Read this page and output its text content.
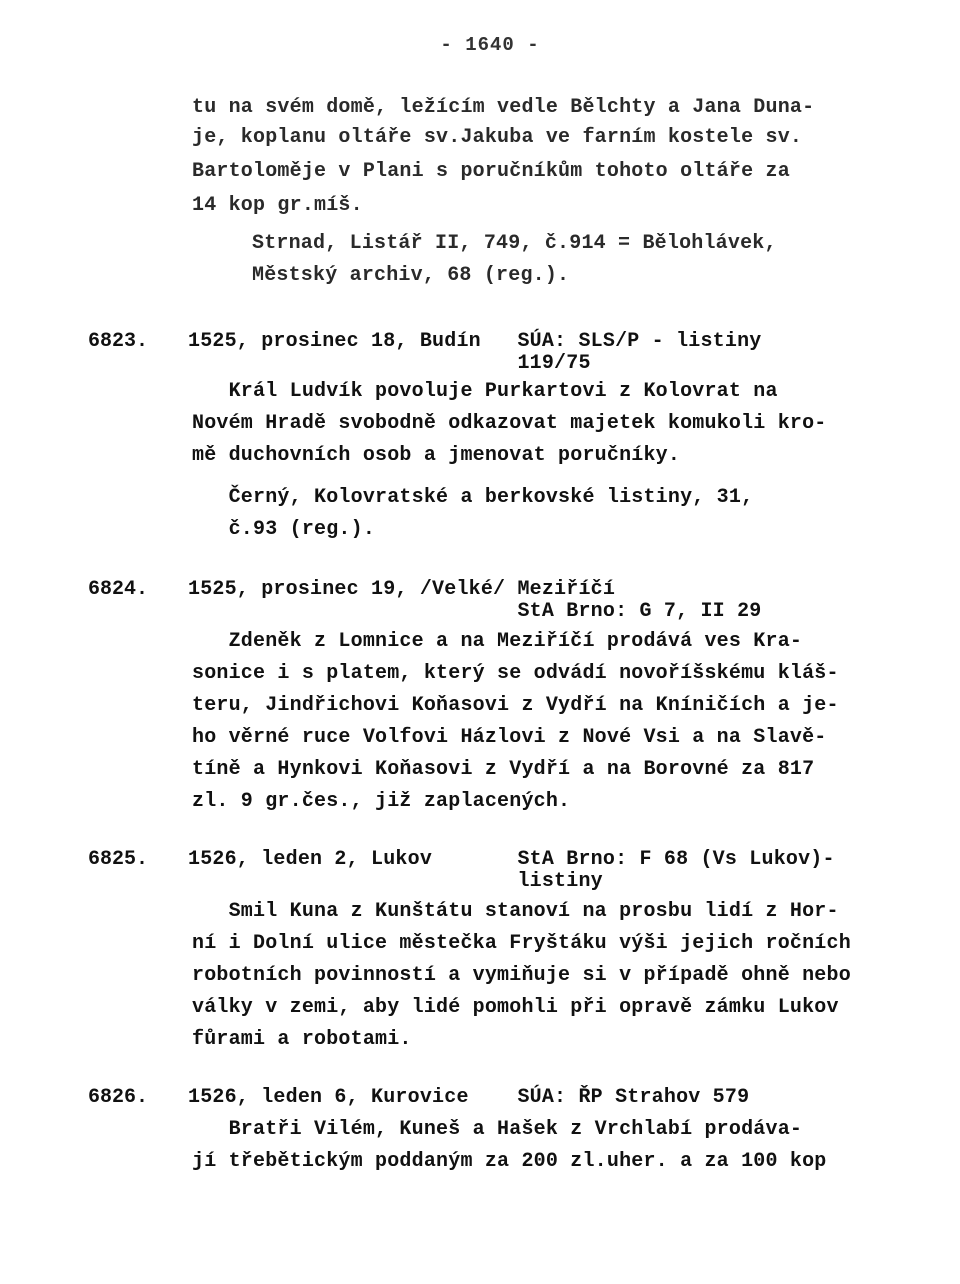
- 1640 -
tu na svém domě, ležícím vedle Bělchty a Jana Duna-
je, koplanu oltáře sv.Jakuba ve farním kostele sv.
Bartoloměje v Plani s poručníkům tohoto oltáře za
14 kop gr.míš.
Strnad, Listář II, 749, č.914 = Bělohlávek,
Městský archiv, 68 (reg.).
6823. 1525, prosinec 18, Budín   SÚA: SLS/P - listiny
119/75
Král Ludvík povoluje Purkartovi z Kolovrat na
Novém Hradě svobodně odkazovat majetek komukoli kro-
mě duchovních osob a jmenovat poručníky.
Černý, Kolovratské a berkovské listiny, 31,
č.93 (reg.).
6824. 1525, prosinec 19, /Velké/ Meziříčí
StA Brno: G 7, II 29
Zdeněk z Lomnice a na Meziříčí prodává ves Kra-
sonice i s platem, který se odvádí novoříšskému kláš-
teru, Jindřichovi Koňasovi z Vydří na Kníničích a je-
ho věrné ruce Volfovi Házlovi z Nové Vsi a na Slavě-
tíně a Hynkovi Koňasovi z Vydří a na Borovné za 817
zl. 9 gr.čes., již zaplacených.
6825. 1526, leden 2, Lukov       StA Brno: F 68 (Vs Lukov)-
listiny
Smil Kuna z Kunštátu stanoví na prosbu lidí z Hor-
ní i Dolní ulice městečka Fryštáku výši jejich ročních
robotních povinností a vymiňuje si v případě ohně nebo
války v zemi, aby lidé pomohli při opravě zámku Lukov
fůrami a robotami.
6826. 1526, leden 6, Kurovice    SÚA: ŘP Strahov 579
Bratři Vilém, Kuneš a Hašek z Vrchlabí prodáva-
jí třebětickým poddaným za 200 zl.uher. a za 100 kop
